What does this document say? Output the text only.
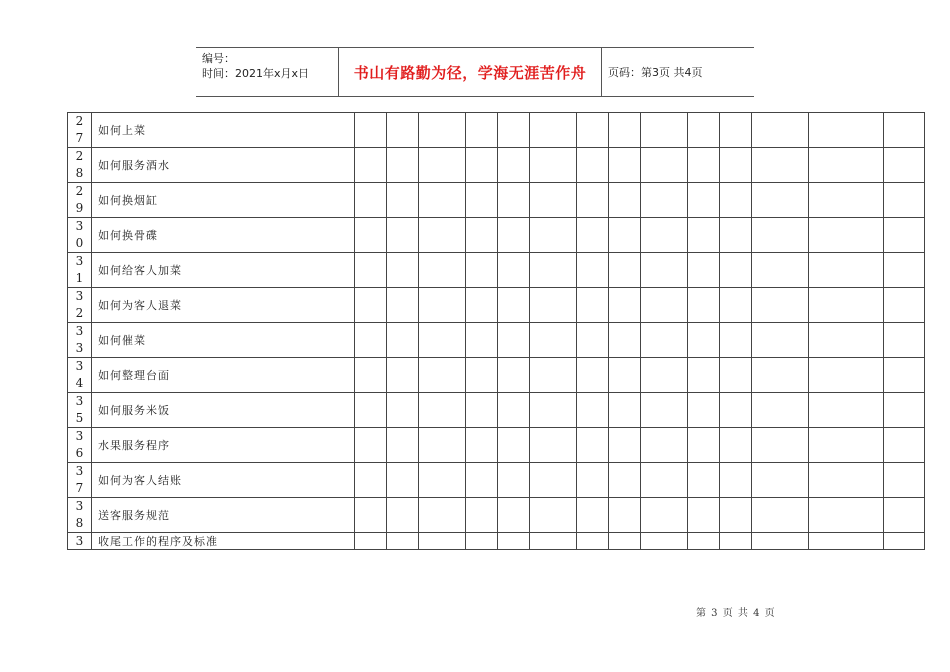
编号：
时间：2021年x月x日	书山有路勤为径，学海无涯苦作舟	页码：第3页 共4页
2
7	如何上菜														

2
8	如何服务酒水														

2
9	如何换烟缸														

3
0	如何换骨碟														

3
1	如何给客人加菜														

3
2	如何为客人退菜														

3
3	如何催菜														

3
4	如何整理台面														

3
5	如何服务米饭														

3
6	水果服务程序														

3
7	如何为客人结账														

3
8	送客服务规范														

3	收尾工作的程序及标准														
第 3 页 共 4 页
